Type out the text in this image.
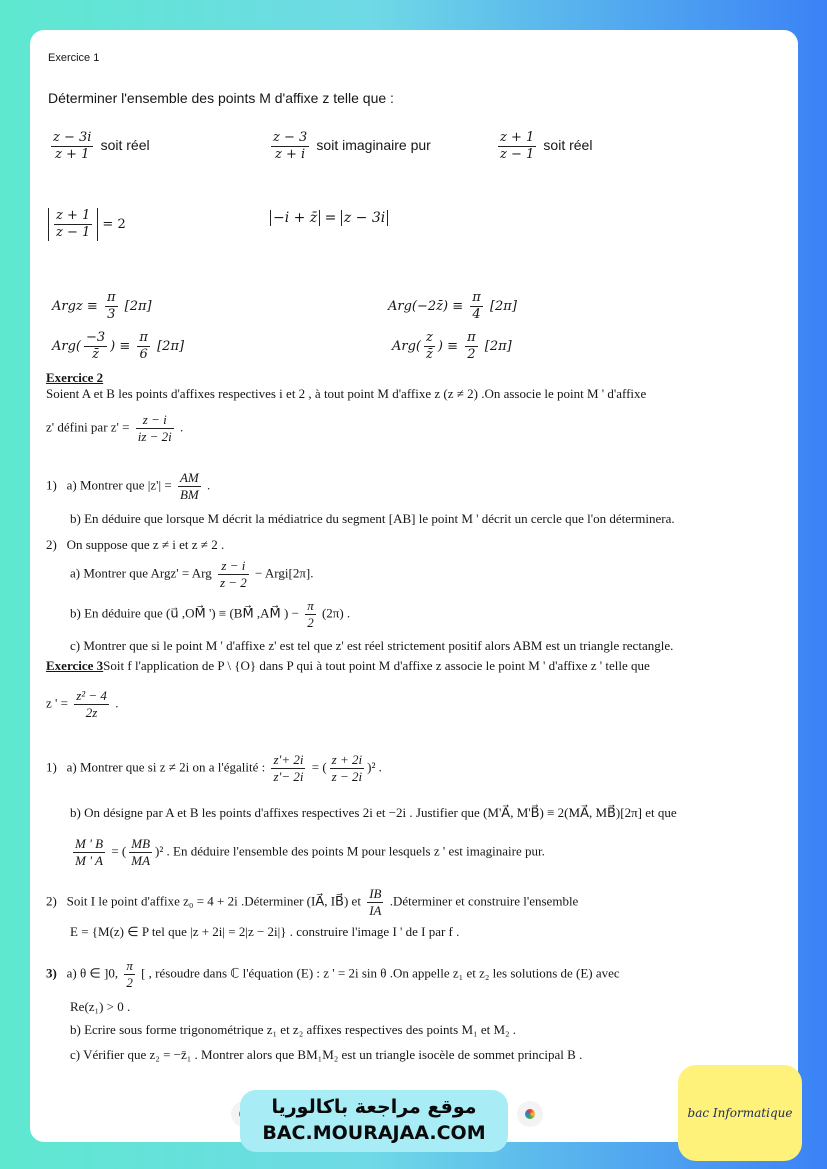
Exercice 1
Déterminer l'ensemble des points M d'affixe z telle que :
$\frac{z - 3i}{z + 1}$ soit réel	$\frac{z - 3}{z + i}$ soit imaginaire pur	$\frac{z + 1}{z - 1}$ soit réel
$\frac{z + 1}{z - 1} = 2$	−i + z̄ = z − 3i
Argz ≡ $\frac{\pi}{3} [2\pi]$	Arg(−2z̄) ≡ $\frac{\pi}{4} [2\pi]$
$Arg( \frac{-3}{z̄}$ ) ≡ $\frac{\pi}{6} [2\pi]$	$Arg( \frac{z}{z̄}$ ) ≡ $\frac{\pi}{2} [2\pi]$
Exercice 2
Soient A et B les points d'affixes respectives i et 2 , à tout point M d'affixe z (z ≠ 2) .On associe le point M ' d'affixe
z' défini par $z' = \frac{z - i}{iz - 2i}$ .
1) a) Montrer que $|z'| = \frac{AM}{BM}$ .
b) En déduire que lorsque M décrit la médiatrice du segment [AB] le point M ' décrit un cercle que l'on déterminera.
2) On suppose que z ≠ i et z ≠ 2 .
a) Montrer que Argz' = Arg $\frac{z - i}{z - 2}$ − Argi[2π].
b) En déduire que (u⃗ ,OM⃗ ') ≡ (BM⃗ ,AM⃗ ) − $\frac{\pi}{2} (2\pi)$ .
c) Montrer que si le point M ' d'affixe z' est tel que z' est réel strictement positif alors ABM est un triangle rectangle.
Exercice 3Soit f l'application de P \ {O} dans P qui à tout point M d'affixe z associe le point M ' d'affixe z ' telle que
z ' = $\frac{\text{z² − 4}}{2z}$ .
1) a) Montrer que si z ≠ 2i on a l'égalité : $\frac{z'+ 2i}{z'- 2i}$ = ( $\frac{z + 2i}{z - 2i} )^2$ .
b) On désigne par A et B les points d'affixes respectives 2i et −2i . Justifier que (M'A⃗, M'B⃗) ≡ 2(MA⃗, MB⃗)[2π] et que
$\frac{M ' B}{M ' A}$ = ( $\frac{MB}{MA} )^2$ . En déduire l'ensemble des points M pour lesquels z ' est imaginaire pur.
2) Soit I le point d'affixe z₀ = 4 + 2i .Déterminer (IA⃗, IB⃗) et $\frac{IB}{IA}$ .Déterminer et construire l'ensemble
E = {M(z) ∈ P tel que |z + 2i| = 2|z − 2i|} . construire l'image I ' de I par f .
3) a) θ ∈ ]0, $\frac{\pi}{2}$ [ , résoudre dans ℂ l'équation (E) : z ' = 2i sin θ .On appelle z₁ et z₂ les solutions de (E) avec
Re(z₁) > 0 .
b) Ecrire sous forme trigonométrique z₁ et z₂ affixes respectives des points M₁ et M₂ .
c) Vérifier que z₂ = −z̄₁ . Montrer alors que BM₁M₂ est un triangle isocèle de sommet principal B .
موقع مراجعة باكالوريا
BAC.MOURAJAA.COM
bac Informatique
